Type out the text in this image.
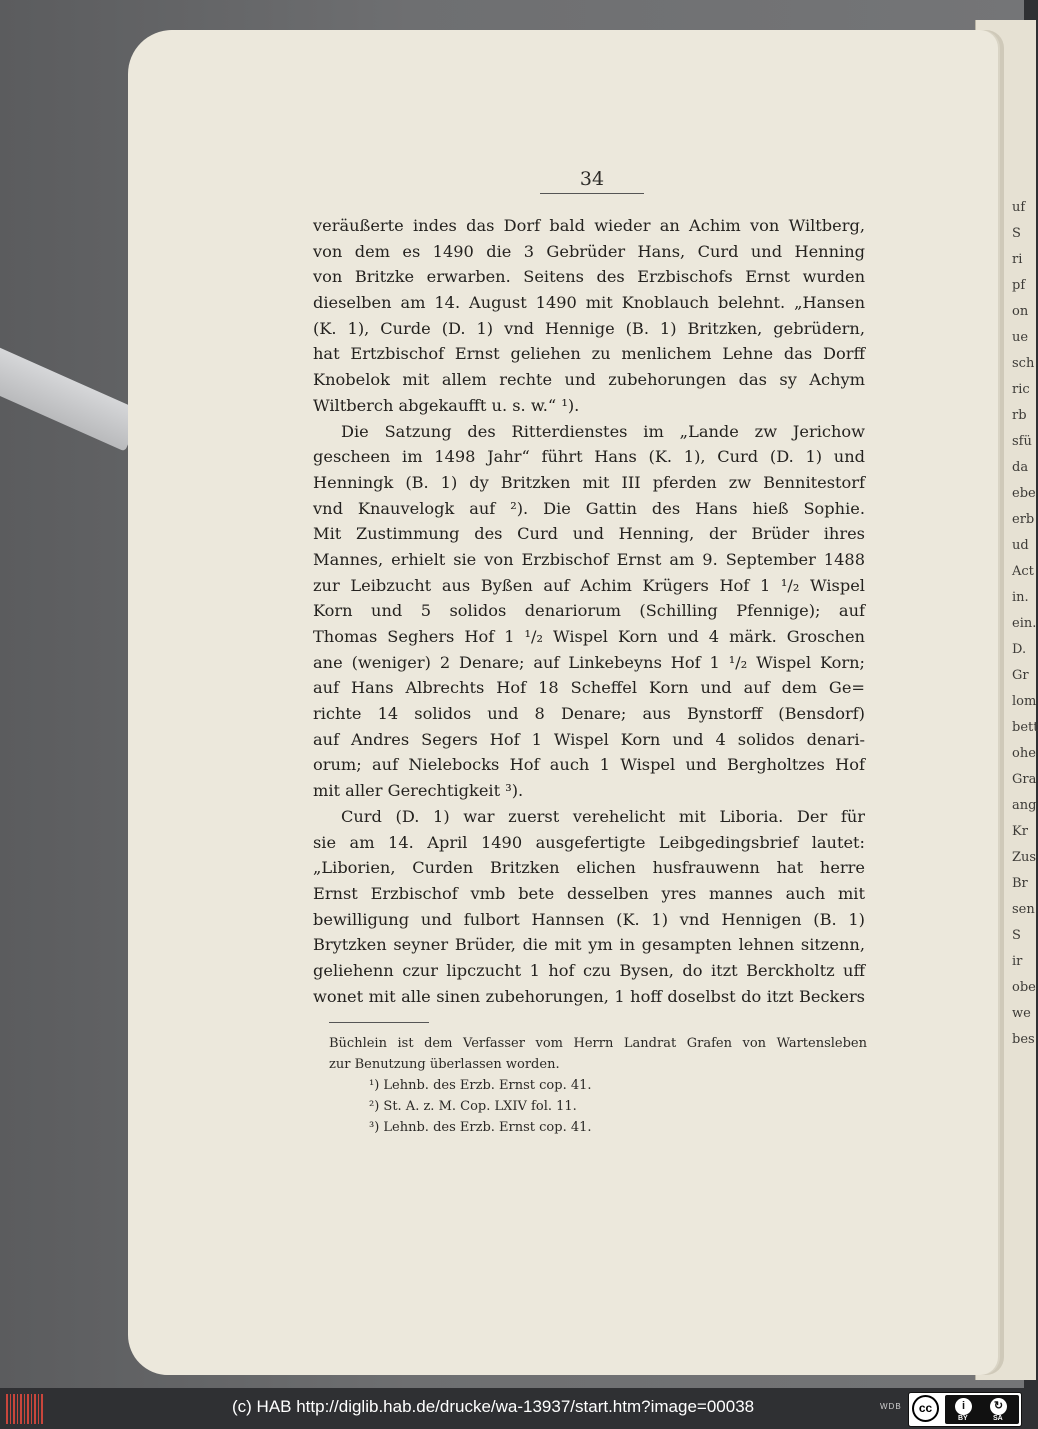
uf
S
ri
pf
on
ue
sch
ric
rb
sfü
da
ebe
erb
ud
Act
in.
ein.
D.
Gr
lom
bett
ohe
Gra
ang
Kr
Zus
Br
sen
S
ir
obe
we
bes
34
veräußerte indes das Dorf bald wieder an Achim von Wiltberg,
von dem es 1490 die 3 Gebrüder Hans, Curd und Henning
von Britzke erwarben. Seitens des Erzbischofs Ernst wurden
dieselben am 14. August 1490 mit Knoblauch belehnt. „Hansen
(K. 1), Curde (D. 1) vnd Hennige (B. 1) Britzken, gebrüdern,
hat Ertzbischof Ernst geliehen zu menlichem Lehne das Dorff
Knobelok mit allem rechte und zubehorungen das sy Achym
Wiltberch abgekaufft u. s. w.“ ¹).
Die Satzung des Ritterdienstes im „Lande zw Jerichow
gescheen im 1498 Jahr“ führt Hans (K. 1), Curd (D. 1) und
Henningk (B. 1) dy Britzken mit III pferden zw Bennitestorf
vnd Knauvelogk auf ²). Die Gattin des Hans hieß Sophie.
Mit Zustimmung des Curd und Henning, der Brüder ihres
Mannes, erhielt sie von Erzbischof Ernst am 9. September 1488
zur Leibzucht aus Byßen auf Achim Krügers Hof 1 ¹/₂ Wispel
Korn und 5 solidos denariorum (Schilling Pfennige); auf
Thomas Seghers Hof 1 ¹/₂ Wispel Korn und 4 märk. Groschen
ane (weniger) 2 Denare; auf Linkebeyns Hof 1 ¹/₂ Wispel Korn;
auf Hans Albrechts Hof 18 Scheffel Korn und auf dem Ge=
richte 14 solidos und 8 Denare; aus Bynstorff (Bensdorf)
auf Andres Segers Hof 1 Wispel Korn und 4 solidos denari-
orum; auf Nielebocks Hof auch 1 Wispel und Bergholtzes Hof
mit aller Gerechtigkeit ³).
Curd (D. 1) war zuerst verehelicht mit Liboria. Der für
sie am 14. April 1490 ausgefertigte Leibgedingsbrief lautet:
„Liborien, Curden Britzken elichen husfrauwenn hat herre
Ernst Erzbischof vmb bete desselben yres mannes auch mit
bewilligung und fulbort Hannsen (K. 1) vnd Hennigen (B. 1)
Brytzken seyner Brüder, die mit ym in gesampten lehnen sitzenn,
geliehenn czur lipczucht 1 hof czu Bysen, do itzt Berckholtz uff
wonet mit alle sinen zubehorungen, 1 hoff doselbst do itzt Beckers
Büchlein ist dem Verfasser vom Herrn Landrat Grafen von Wartensleben
zur Benutzung überlassen worden.
¹) Lehnb. des Erzb. Ernst cop. 41.
²) St. A. z. M. Cop. LXIV fol. 11.
³) Lehnb. des Erzb. Ernst cop. 41.
(c) HAB http://diglib.hab.de/drucke/wa-13937/start.htm?image=00038	WDB	cc	i	↻
BY	SA
